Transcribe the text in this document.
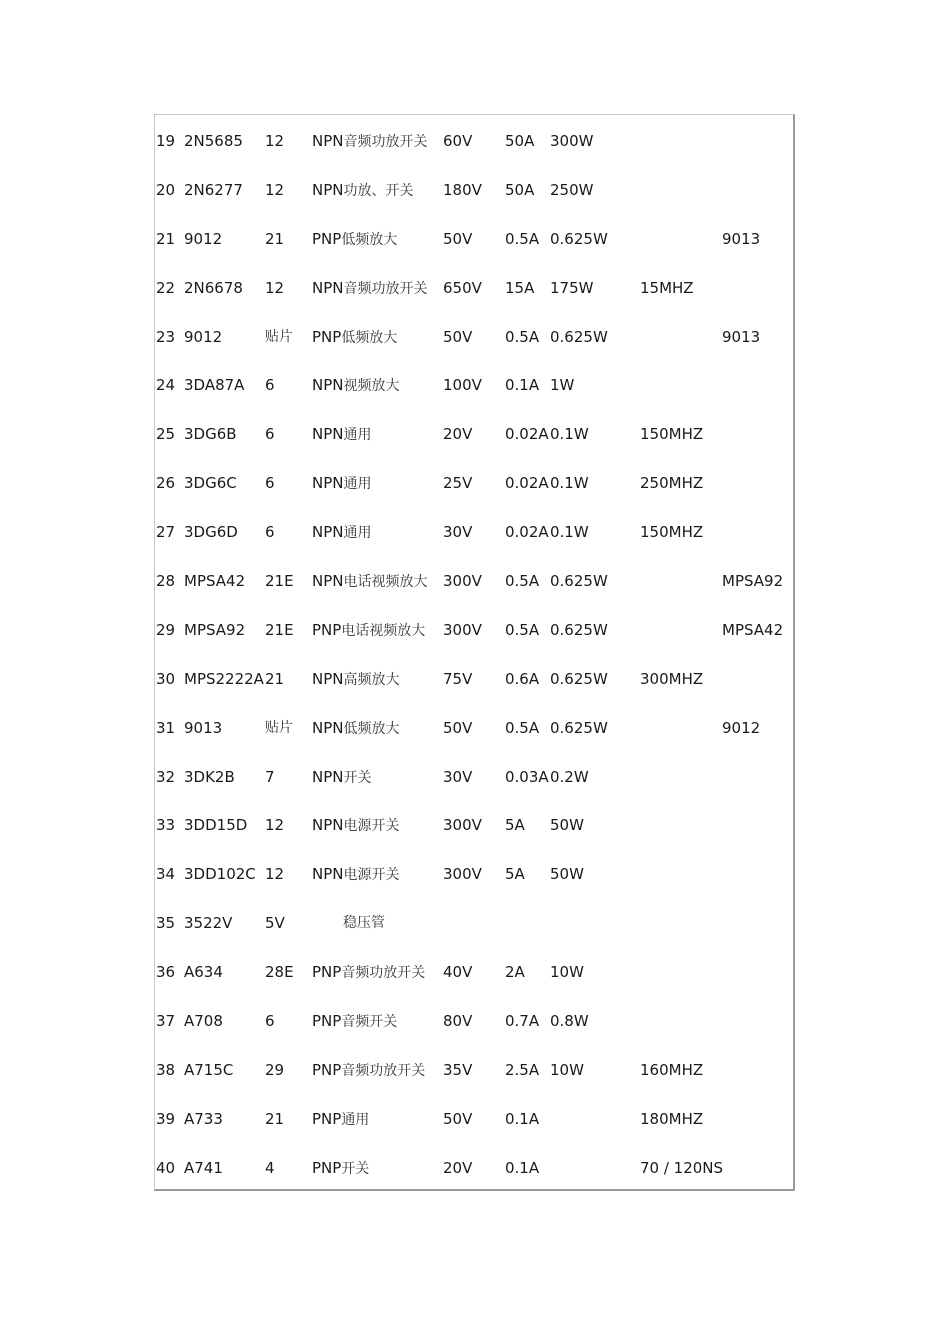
19 2N5685 12 NPN音频功放开关 60V 50A 300W
20 2N6277 12 NPN功放、开关 180V 50A 250W
21 9012	21 PNP低频放大	50V 0.5A 0.625W	9013
22 2N6678 12 NPN音频功放开关 650V 15A 175W	15MHZ
23 9012	贴片 PNP低频放大	50V 0.5A 0.625W	9013
24 3DA87A 6 NPN视频放大	100V 0.1A 1W
25 3DG6B 6 NPN通用	20V 0.02A 0.1W	150MHZ
26 3DG6C 6 NPN通用	25V 0.02A 0.1W	250MHZ
27 3DG6D 6 NPN通用	30V 0.02A 0.1W	150MHZ
28 MPSA42 21E NPN电话视频放大 300V 0.5A 0.625W	MPSA92
29 MPSA92 21E PNP电话视频放大 300V 0.5A 0.625W	MPSA42
30 MPS2222A 21 NPN高频放大	75V 0.6A 0.625W 300MHZ
31 9013	贴片 NPN低频放大	50V 0.5A 0.625W	9012
32 3DK2B 7 NPN开关	30V 0.03A 0.2W
33 3DD15D 12 NPN电源开关	300V 5A 50W
34 3DD102C 12 NPN电源开关	300V 5A 50W
35 3522V 5V	稳压管
36 A634	28E PNP音频功放开关 40V 2A 10W
37 A708	6 PNP音频开关	80V 0.7A 0.8W
38 A715C 29 PNP音频功放开关 35V 2.5A 10W	160MHZ
39 A733	21 PNP通用	50V 0.1A	180MHZ
40 A741	4 PNP开关	20V 0.1A	70 / 120NS
